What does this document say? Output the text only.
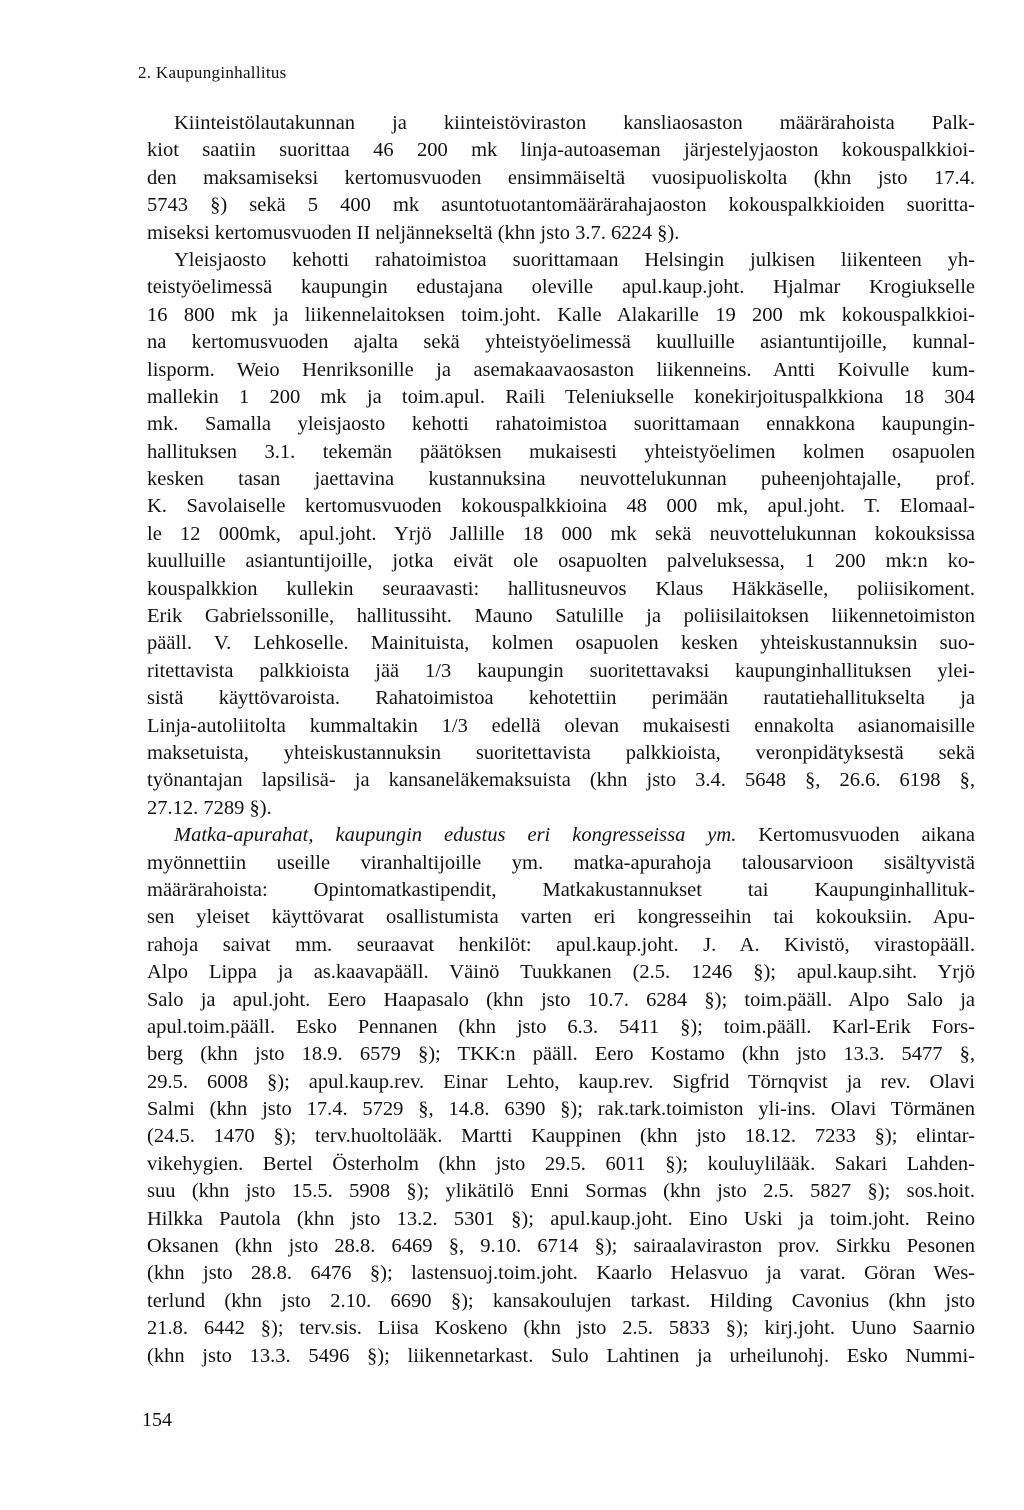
2. Kaupunginhallitus
Kiinteistölautakunnan ja kiinteistöviraston kansliaosaston määrärahoista Palk-
kiot saatiin suorittaa 46 200 mk linja-autoaseman järjestelyjaoston kokouspalkkioi-
den maksamiseksi kertomusvuoden ensimmäiseltä vuosipuoliskolta (khn jsto 17.4.
5743 §) sekä 5 400 mk asuntotuotantomäärärahajaoston kokouspalkkioiden suoritta-
miseksi kertomusvuoden II neljännekseltä (khn jsto 3.7. 6224 §).
Yleisjaosto kehotti rahatoimistoa suorittamaan Helsingin julkisen liikenteen yh-
teistyöelimessä kaupungin edustajana oleville apul.kaup.joht. Hjalmar Krogiukselle
16 800 mk ja liikennelaitoksen toim.joht. Kalle Alakarille 19 200 mk kokouspalkkioi-
na kertomusvuoden ajalta sekä yhteistyöelimessä kuulluille asiantuntijoille, kunnal-
lisporm. Weio Henriksonille ja asemakaavaosaston liikenneins. Antti Koivulle kum-
mallekin 1 200 mk ja toim.apul. Raili Teleniukselle konekirjoituspalkkiona 18 304
mk. Samalla yleisjaosto kehotti rahatoimistoa suorittamaan ennakkona kaupungin-
hallituksen 3.1. tekemän päätöksen mukaisesti yhteistyöelimen kolmen osapuolen
kesken tasan jaettavina kustannuksina neuvottelukunnan puheenjohtajalle, prof.
K. Savolaiselle kertomusvuoden kokouspalkkioina 48 000 mk, apul.joht. T. Elomaal-
le 12 000mk, apul.joht. Yrjö Jallille 18 000 mk sekä neuvottelukunnan kokouksissa
kuulluille asiantuntijoille, jotka eivät ole osapuolten palveluksessa, 1 200 mk:n ko-
kouspalkkion kullekin seuraavasti: hallitusneuvos Klaus Häkkäselle, poliisikoment.
Erik Gabrielssonille, hallitussiht. Mauno Satulille ja poliisilaitoksen liikennetoimiston
pääll. V. Lehkoselle. Mainituista, kolmen osapuolen kesken yhteiskustannuksin suo-
ritettavista palkkioista jää 1/3 kaupungin suoritettavaksi kaupunginhallituksen ylei-
sistä käyttövaroista. Rahatoimistoa kehotettiin perimään rautatiehallitukselta ja
Linja-autoliitolta kummaltakin 1/3 edellä olevan mukaisesti ennakolta asianomaisille
maksetuista, yhteiskustannuksin suoritettavista palkkioista, veronpidätyksestä sekä
työnantajan lapsilisä- ja kansaneläkemaksuista (khn jsto 3.4. 5648 §, 26.6. 6198 §,
27.12. 7289 §).
Matka-apurahat, kaupungin edustus eri kongresseissa ym. Kertomusvuoden aikana
myönnettiin useille viranhaltijoille ym. matka-apurahoja talousarvioon sisältyvistä
määrärahoista: Opintomatkastipendit, Matkakustannukset tai Kaupunginhallituk-
sen yleiset käyttövarat osallistumista varten eri kongresseihin tai kokouksiin. Apu-
rahoja saivat mm. seuraavat henkilöt: apul.kaup.joht. J. A. Kivistö, virastopääll.
Alpo Lippa ja as.kaavapääll. Väinö Tuukkanen (2.5. 1246 §); apul.kaup.siht. Yrjö
Salo ja apul.joht. Eero Haapasalo (khn jsto 10.7. 6284 §); toim.pääll. Alpo Salo ja
apul.toim.pääll. Esko Pennanen (khn jsto 6.3. 5411 §); toim.pääll. Karl-Erik Fors-
berg (khn jsto 18.9. 6579 §); TKK:n pääll. Eero Kostamo (khn jsto 13.3. 5477 §,
29.5. 6008 §); apul.kaup.rev. Einar Lehto, kaup.rev. Sigfrid Törnqvist ja rev. Olavi
Salmi (khn jsto 17.4. 5729 §, 14.8. 6390 §); rak.tark.toimiston yli-ins. Olavi Törmänen
(24.5. 1470 §); terv.huoltolääk. Martti Kauppinen (khn jsto 18.12. 7233 §); elintar-
vikehygien. Bertel Österholm (khn jsto 29.5. 6011 §); kouluylilääk. Sakari Lahden-
suu (khn jsto 15.5. 5908 §); ylikätilö Enni Sormas (khn jsto 2.5. 5827 §); sos.hoit.
Hilkka Pautola (khn jsto 13.2. 5301 §); apul.kaup.joht. Eino Uski ja toim.joht. Reino
Oksanen (khn jsto 28.8. 6469 §, 9.10. 6714 §); sairaalaviraston prov. Sirkku Pesonen
(khn jsto 28.8. 6476 §); lastensuoj.toim.joht. Kaarlo Helasvuo ja varat. Göran Wes-
terlund (khn jsto 2.10. 6690 §); kansakoulujen tarkast. Hilding Cavonius (khn jsto
21.8. 6442 §); terv.sis. Liisa Koskeno (khn jsto 2.5. 5833 §); kirj.joht. Uuno Saarnio
(khn jsto 13.3. 5496 §); liikennetarkast. Sulo Lahtinen ja urheilunohj. Esko Nummi-
154
